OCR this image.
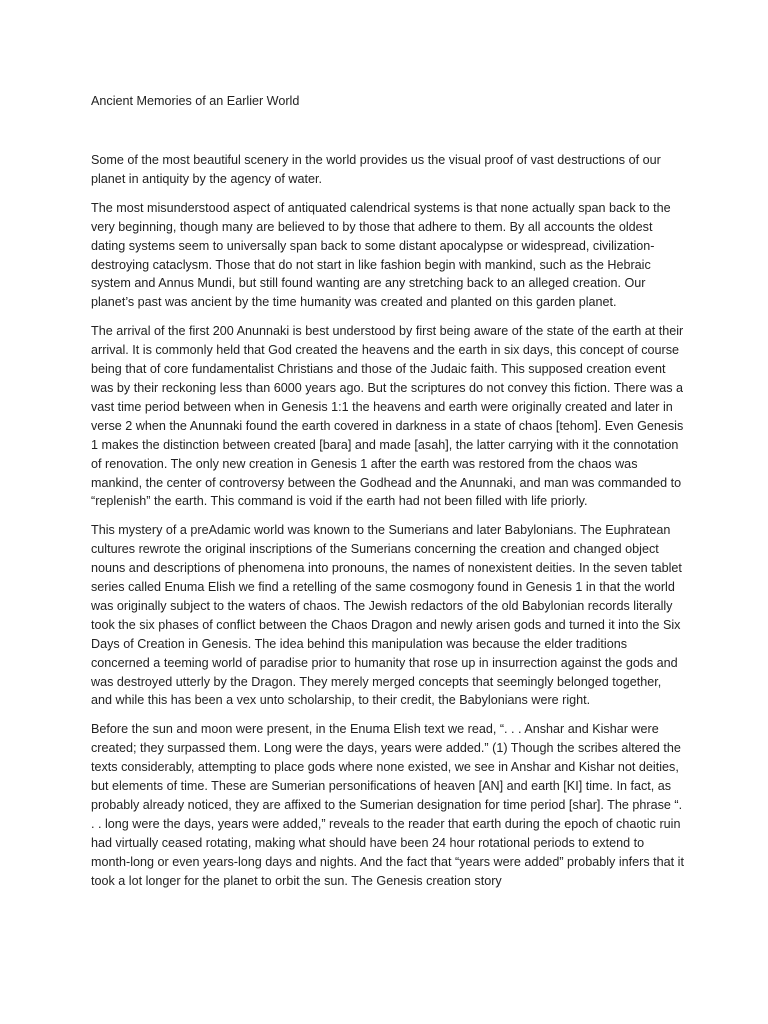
Ancient Memories of an Earlier World

Some of the most beautiful scenery in the world provides us the visual proof of vast destructions of our planet in antiquity by the agency of water.

The most misunderstood aspect of antiquated calendrical systems is that none actually span back to the very beginning, though many are believed to by those that adhere to them. By all accounts the oldest dating systems seem to universally span back to some distant apocalypse or widespread, civilization-destroying cataclysm. Those that do not start in like fashion begin with mankind, such as the Hebraic system and Annus Mundi, but still found wanting are any stretching back to an alleged creation. Our planet’s past was ancient by the time humanity was created and planted on this garden planet.

The arrival of the first 200 Anunnaki is best understood by first being aware of the state of the earth at their arrival. It is commonly held that God created the heavens and the earth in six days, this concept of course being that of core fundamentalist Christians and those of the Judaic faith. This supposed creation event was by their reckoning less than 6000 years ago. But the scriptures do not convey this fiction. There was a vast time period between when in Genesis 1:1 the heavens and earth were originally created and later in verse 2 when the Anunnaki found the earth covered in darkness in a state of chaos [tehom]. Even Genesis 1 makes the distinction between created [bara] and made [asah], the latter carrying with it the connotation of renovation. The only new creation in Genesis 1 after the earth was restored from the chaos was mankind, the center of controversy between the Godhead and the Anunnaki, and man was commanded to “replenish” the earth. This command is void if the earth had not been filled with life priorly.

This mystery of a preAdamic world was known to the Sumerians and later Babylonians. The Euphratean cultures rewrote the original inscriptions of the Sumerians concerning the creation and changed object nouns and descriptions of phenomena into pronouns, the names of nonexistent deities. In the seven tablet series called Enuma Elish we find a retelling of the same cosmogony found in Genesis 1 in that the world was originally subject to the waters of chaos. The Jewish redactors of the old Babylonian records literally took the six phases of conflict between the Chaos Dragon and newly arisen gods and turned it into the Six Days of Creation in Genesis. The idea behind this manipulation was because the elder traditions concerned a teeming world of paradise prior to humanity that rose up in insurrection against the gods and was destroyed utterly by the Dragon. They merely merged concepts that seemingly belonged together, and while this has been a vex unto scholarship, to their credit, the Babylonians were right.

Before the sun and moon were present, in the Enuma Elish text we read, “. . . Anshar and Kishar were created; they surpassed them. Long were the days, years were added.” (1) Though the scribes altered the texts considerably, attempting to place gods where none existed, we see in Anshar and Kishar not deities, but elements of time. These are Sumerian personifications of heaven [AN] and earth [KI] time. In fact, as probably already noticed, they are affixed to the Sumerian designation for time period [shar]. The phrase “. . . long were the days, years were added,” reveals to the reader that earth during the epoch of chaotic ruin had virtually ceased rotating, making what should have been 24 hour rotational periods to extend to month-long or even years-long days and nights. And the fact that “years were added” probably infers that it took a lot longer for the planet to orbit the sun. The Genesis creation story
